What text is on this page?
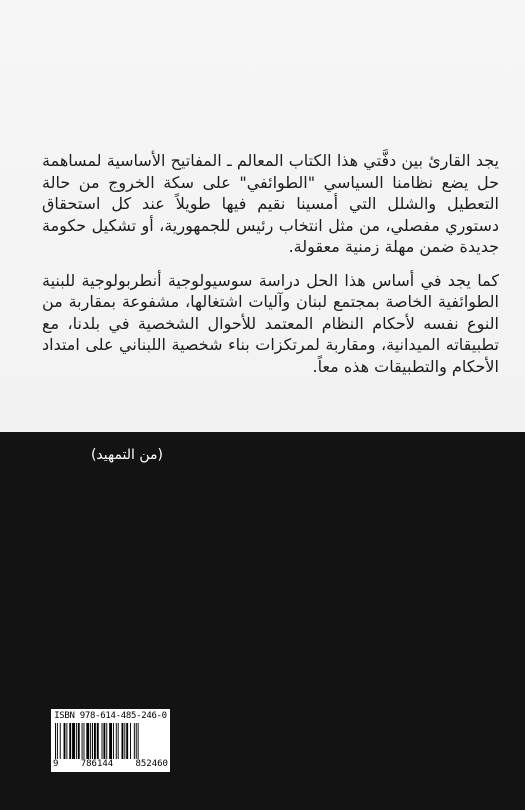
يجد القارئ بين دفَّتي هذا الكتاب المعالم ـ المفاتيح الأساسية لمساهمة حل يضع نظامنا السياسي "الطوائفي" على سكة الخروج من حالة التعطيل والشلل التي أمسينا نقيم فيها طويلاً عند كل استحقاق دستوري مفصلي، من مثل انتخاب رئيس للجمهورية، أو تشكيل حكومة جديدة ضمن مهلة زمنية معقولة.

كما يجد في أساس هذا الحل دراسة سوسيولوجية أنطربولوجية للبنية الطوائفية الخاصة بمجتمع لبنان وآليات اشتغالها، مشفوعة بمقاربة من النوع نفسه لأحكام النظام المعتمد للأحوال الشخصية في بلدنا، مع تطبيقاته الميدانية، ومقاربة لمرتكزات بناء شخصية اللبناني على امتداد الأحكام والتطبيقات هذه معاً.

(من التمهيد)
ISBN 978-614-485-246-0
9 786144 852460
